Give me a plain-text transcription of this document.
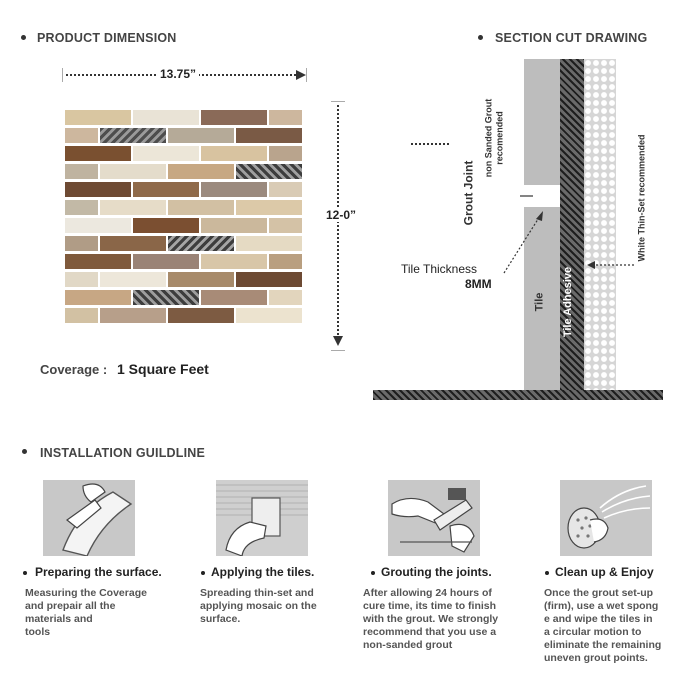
PRODUCT DIMENSION
13.75”
12-0”
Coverage : 1 Square Feet
SECTION CUT DRAWING
Grout Joint non Sanded Grout
recomended
Tile Tile Adhesive
White Thin-Set recommended
Tile Thickness
8MM
INSTALLATION GUILDLINE
Preparing the surface.
Measuring the Coverage
and prepair all the
materials and
tools
Applying the tiles.
Spreading thin-set and
applying mosaic on the
surface.
Grouting the joints.
After allowing 24 hours of
cure time, its time to finish
with the grout. We strongly
recommend that you use a
non-sanded grout
Clean up & Enjoy
Once the grout set-up
(firm), use a wet spong
e and wipe the tiles in
a circular motion to
eliminate the remaining
uneven grout points.
